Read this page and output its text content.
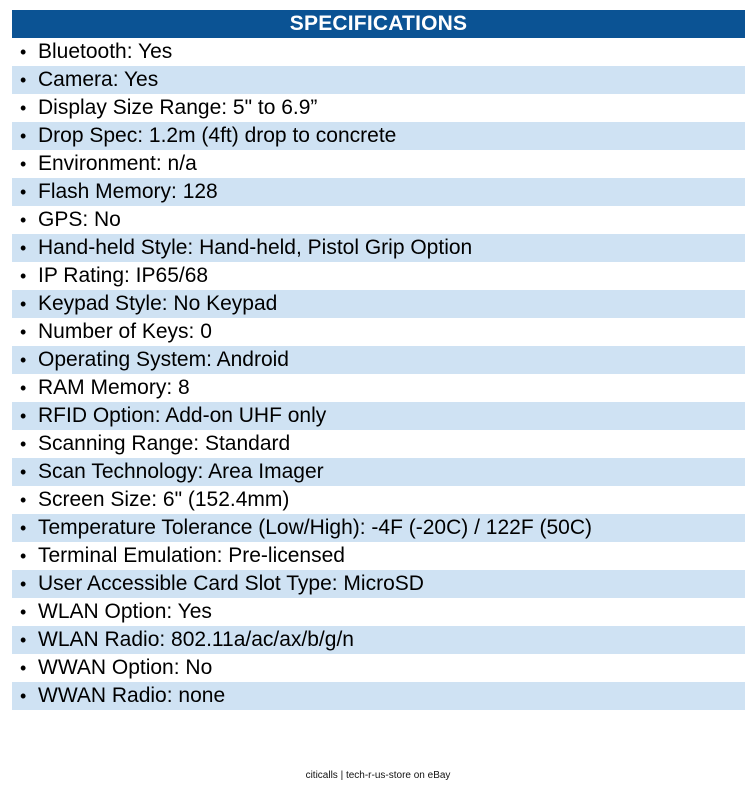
SPECIFICATIONS
• Bluetooth: Yes
• Camera: Yes
• Display Size Range: 5" to 6.9”
• Drop Spec: 1.2m (4ft) drop to concrete
• Environment: n/a
• Flash Memory: 128
• GPS: No
• Hand-held Style: Hand-held, Pistol Grip Option
• IP Rating: IP65/68
• Keypad Style: No Keypad
• Number of Keys: 0
• Operating System: Android
• RAM Memory: 8
• RFID Option: Add-on UHF only
• Scanning Range: Standard
• Scan Technology: Area Imager
• Screen Size: 6" (152.4mm)
• Temperature Tolerance (Low/High): -4F (-20C) / 122F (50C)
• Terminal Emulation: Pre-licensed
• User Accessible Card Slot Type: MicroSD
• WLAN Option: Yes
• WLAN Radio: 802.11a/ac/ax/b/g/n
• WWAN Option: No
• WWAN Radio: none
citicalls | tech-r-us-store on eBay
